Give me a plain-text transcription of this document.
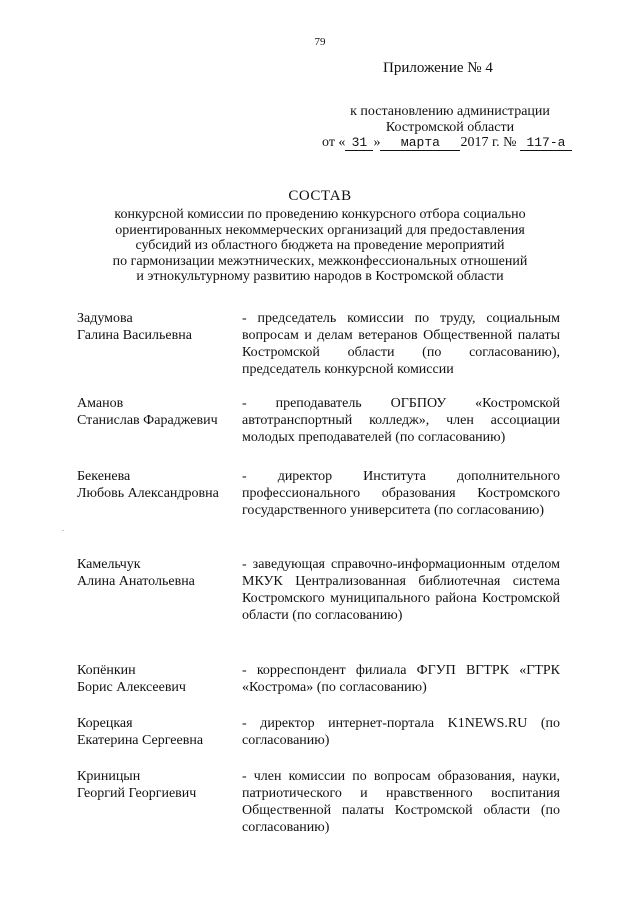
79
Приложение № 4
к постановлению администрации
Костромской области
от « 31 » марта 2017 г. № 117-а
СОСТАВ
конкурсной комиссии по проведению конкурсного отбора социально
ориентированных некоммерческих организаций для предоставления
субсидий из областного бюджета на проведение мероприятий
по гармонизации межэтнических, межконфессиональных отношений
и этнокультурному развитию народов в Костромской области
.
Задумова
Галина Васильевна
- председатель комиссии по труду, социальным вопросам и делам ветеранов Общественной палаты Костромской области (по согласованию), председатель конкурсной комиссии
Аманов
Станислав Фараджевич
- преподаватель ОГБПОУ «Костромской автотранспортный колледж», член ассоциации молодых преподавателей (по согласованию)
Бекенева
Любовь Александровна
- директор Института дополнительного профессионального образования Костромского государственного университета (по согласованию)
Камельчук
Алина Анатольевна
- заведующая справочно-информационным отделом МКУК Централизованная библиотечная система Костромского муниципального района Костромской области (по согласованию)
Копёнкин
Борис Алексеевич
- корреспондент филиала ФГУП ВГТРК «ГТРК «Кострома» (по согласованию)
Корецкая
Екатерина Сергеевна
- директор интернет-портала K1NEWS.RU (по согласованию)
Криницын
Георгий Георгиевич
- член комиссии по вопросам образования, науки, патриотического и нравственного воспитания Общественной палаты Костромской области (по согласованию)
